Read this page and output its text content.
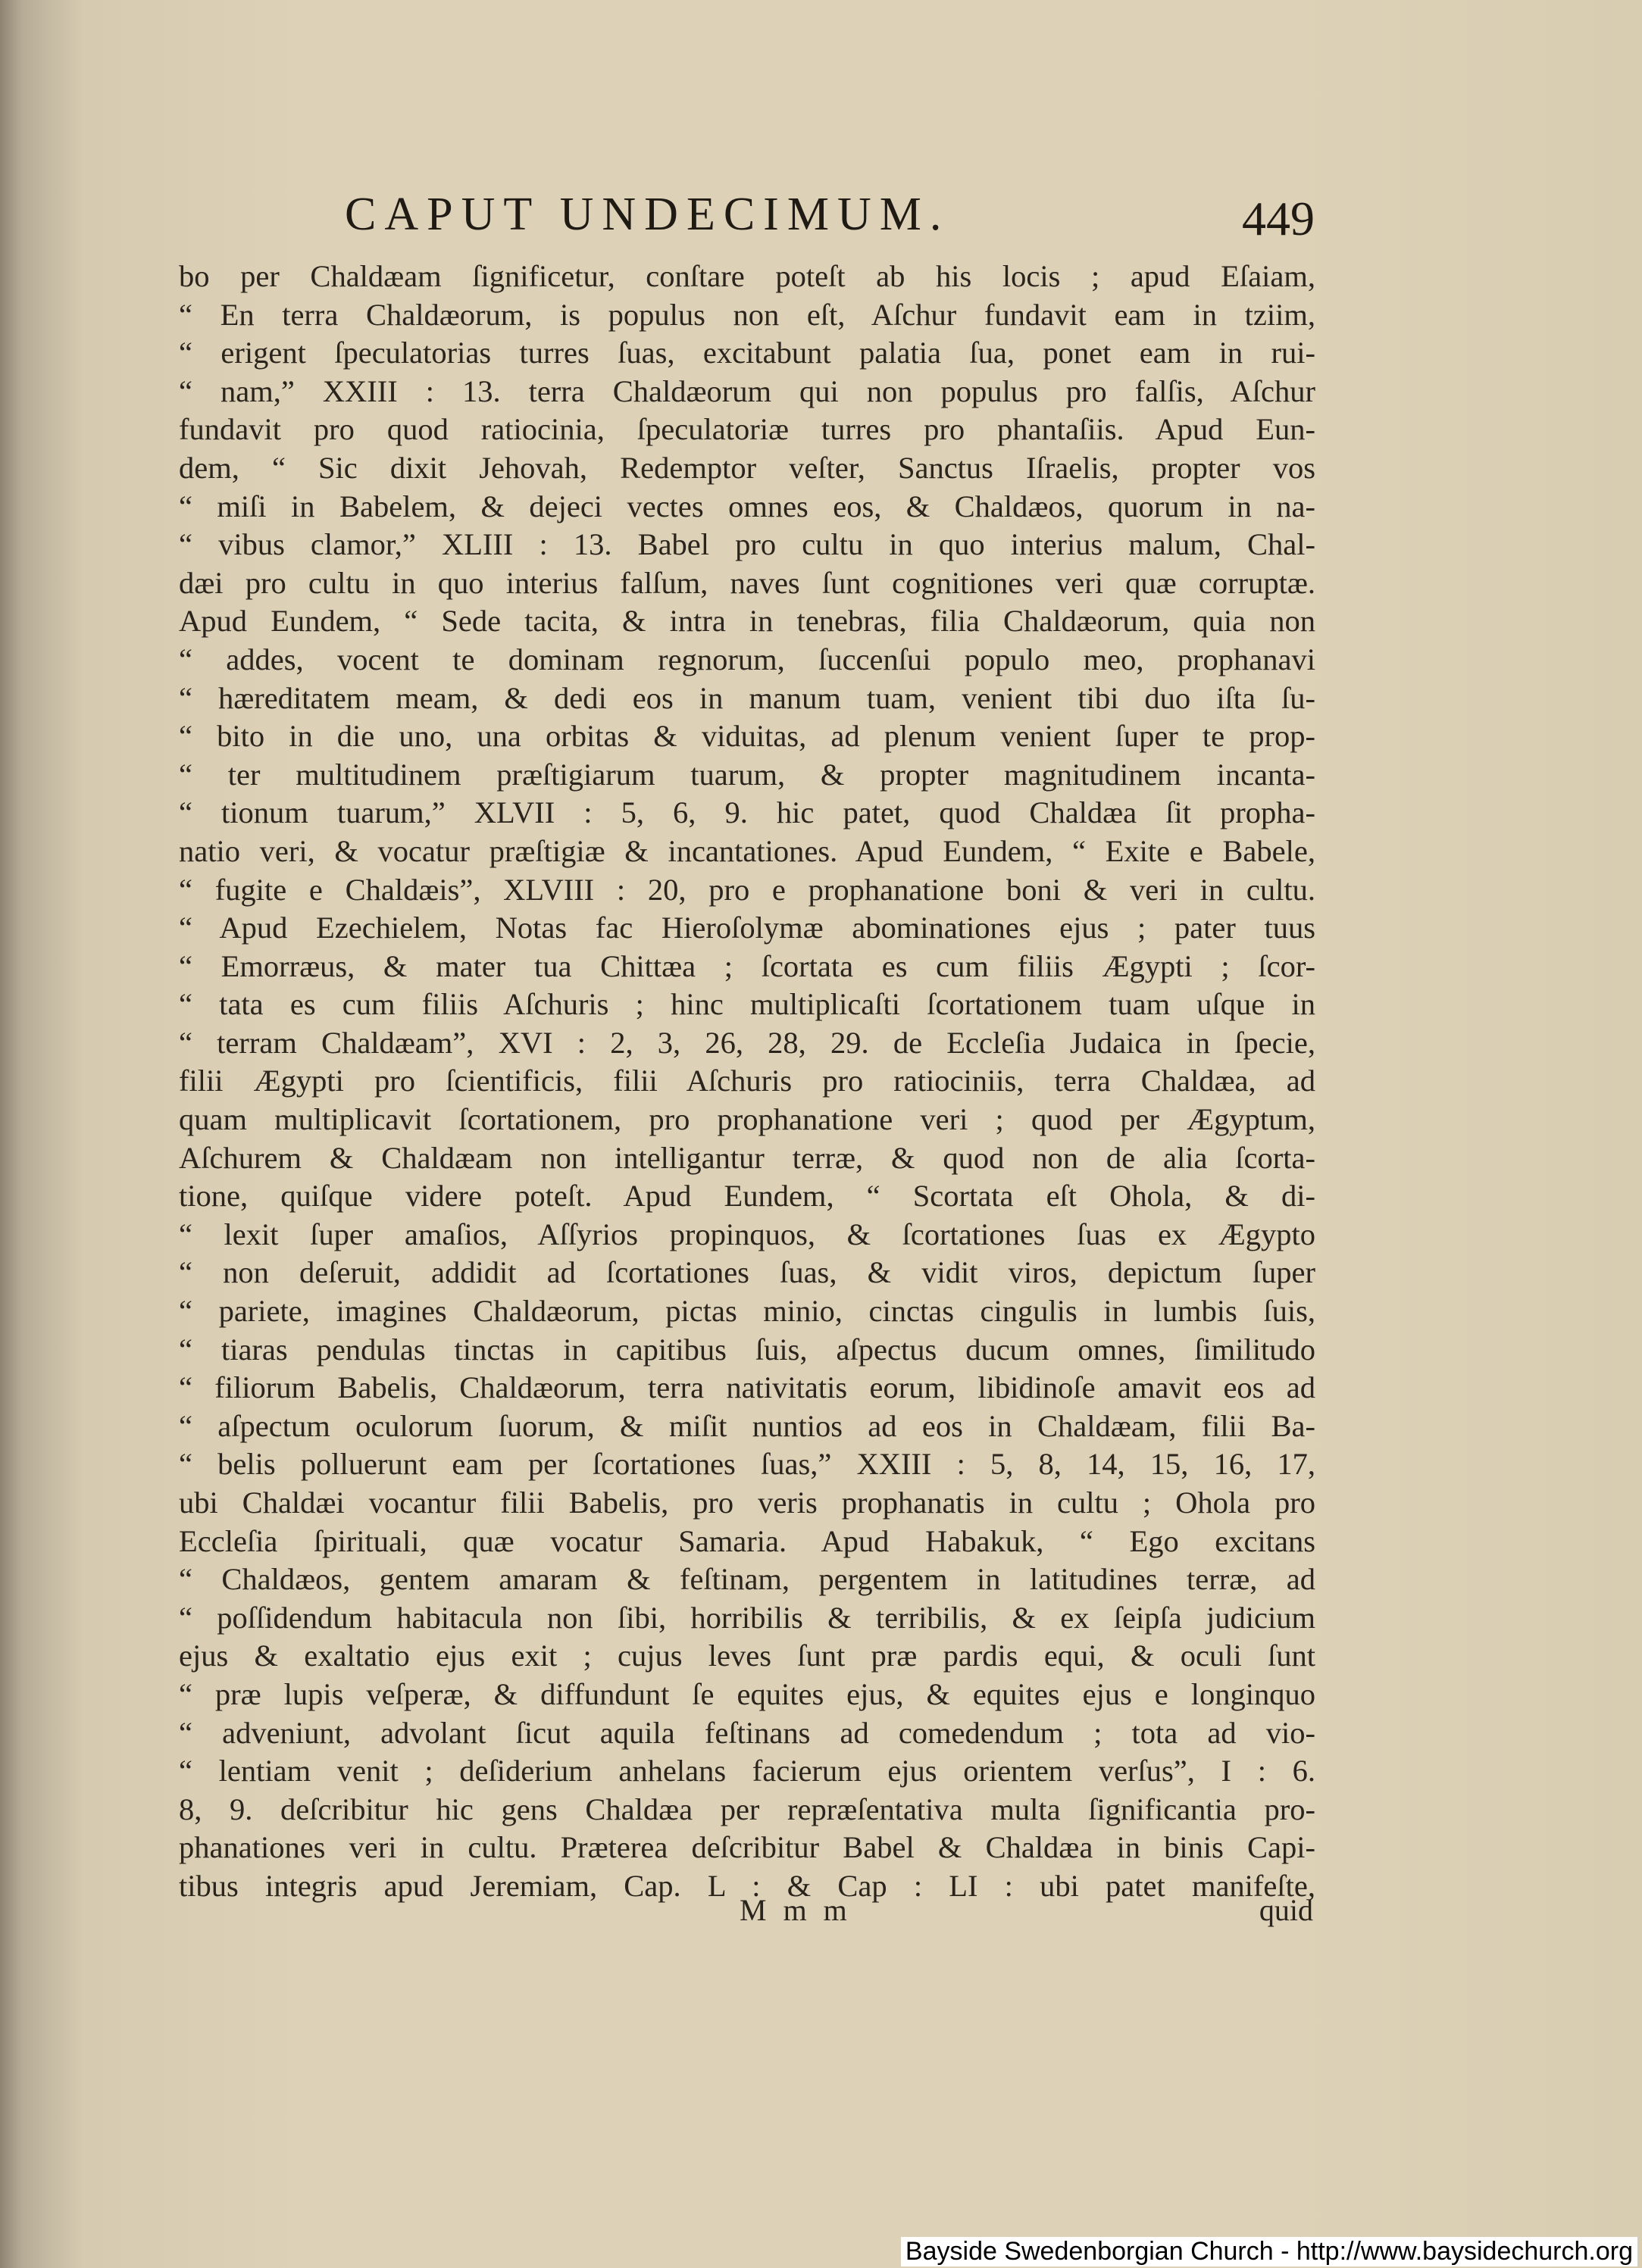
CAPUT UNDECIMUM.	449
bo per Chaldæam ſignificetur, conſtare poteſt ab his locis ; apud Eſaiam,
“ En terra Chaldæorum, is populus non eſt, Aſchur fundavit eam in tziim,
“ erigent ſpeculatorias turres ſuas, excitabunt palatia ſua, ponet eam in rui-
“ nam,” XXIII : 13. terra Chaldæorum qui non populus pro falſis, Aſchur
fundavit pro quod ratiocinia, ſpeculatoriæ turres pro phantaſiis. Apud Eun-
dem, “ Sic dixit Jehovah, Redemptor veſter, Sanctus Iſraelis, propter vos
“ miſi in Babelem, & dejeci vectes omnes eos, & Chaldæos, quorum in na-
“ vibus clamor,” XLIII : 13. Babel pro cultu in quo interius malum, Chal-
dæi pro cultu in quo interius falſum, naves ſunt cognitiones veri quæ corruptæ.
Apud Eundem, “ Sede tacita, & intra in tenebras, filia Chaldæorum, quia non
“ addes, vocent te dominam regnorum, ſuccenſui populo meo, prophanavi
“ hæreditatem meam, & dedi eos in manum tuam, venient tibi duo iſta ſu-
“ bito in die uno, una orbitas & viduitas, ad plenum venient ſuper te prop-
“ ter multitudinem præſtigiarum tuarum, & propter magnitudinem incanta-
“ tionum tuarum,” XLVII : 5, 6, 9. hic patet, quod Chaldæa ſit propha-
natio veri, & vocatur præſtigiæ & incantationes. Apud Eundem, “ Exite e Babele,
“ fugite e Chaldæis”, XLVIII : 20, pro e prophanatione boni & veri in cultu.
“ Apud Ezechielem, Notas fac Hieroſolymæ abominationes ejus ; pater tuus
“ Emorræus, & mater tua Chittæa ; ſcortata es cum filiis Ægypti ; ſcor-
“ tata es cum filiis Aſchuris ; hinc multiplicaſti ſcortationem tuam uſque in
“ terram Chaldæam”, XVI : 2, 3, 26, 28, 29. de Eccleſia Judaica in ſpecie,
filii Ægypti pro ſcientificis, filii Aſchuris pro ratiociniis, terra Chaldæa, ad
quam multiplicavit ſcortationem, pro prophanatione veri ; quod per Ægyptum,
Aſchurem & Chaldæam non intelligantur terræ, & quod non de alia ſcorta-
tione, quiſque videre poteſt. Apud Eundem, “ Scortata eſt Ohola, & di-
“ lexit ſuper amaſios, Aſſyrios propinquos, & ſcortationes ſuas ex Ægypto
“ non deſeruit, addidit ad ſcortationes ſuas, & vidit viros, depictum ſuper
“ pariete, imagines Chaldæorum, pictas minio, cinctas cingulis in lumbis ſuis,
“ tiaras pendulas tinctas in capitibus ſuis, aſpectus ducum omnes, ſimilitudo
“ filiorum Babelis, Chaldæorum, terra nativitatis eorum, libidinoſe amavit eos ad
“ aſpectum oculorum ſuorum, & miſit nuntios ad eos in Chaldæam, filii Ba-
“ belis polluerunt eam per ſcortationes ſuas,” XXIII : 5, 8, 14, 15, 16, 17,
ubi Chaldæi vocantur filii Babelis, pro veris prophanatis in cultu ; Ohola pro
Eccleſia ſpirituali, quæ vocatur Samaria. Apud Habakuk, “ Ego excitans
“ Chaldæos, gentem amaram & feſtinam, pergentem in latitudines terræ, ad
“ poſſidendum habitacula non ſibi, horribilis & terribilis, & ex ſeipſa judicium
ejus & exaltatio ejus exit ; cujus leves ſunt præ pardis equi, & oculi ſunt
“ præ lupis veſperæ, & diffundunt ſe equites ejus, & equites ejus e longinquo
“ adveniunt, advolant ſicut aquila feſtinans ad comedendum ; tota ad vio-
“ lentiam venit ; deſiderium anhelans facierum ejus orientem verſus”, I : 6.
8, 9. deſcribitur hic gens Chaldæa per repræſentativa multa ſignificantia pro-
phanationes veri in cultu. Præterea deſcribitur Babel & Chaldæa in binis Capi-
tibus integris apud Jeremiam, Cap. L : & Cap : LI : ubi patet manifeſte,
M m m	quid
Bayside Swedenborgian Church - http://www.baysidechurch.org
